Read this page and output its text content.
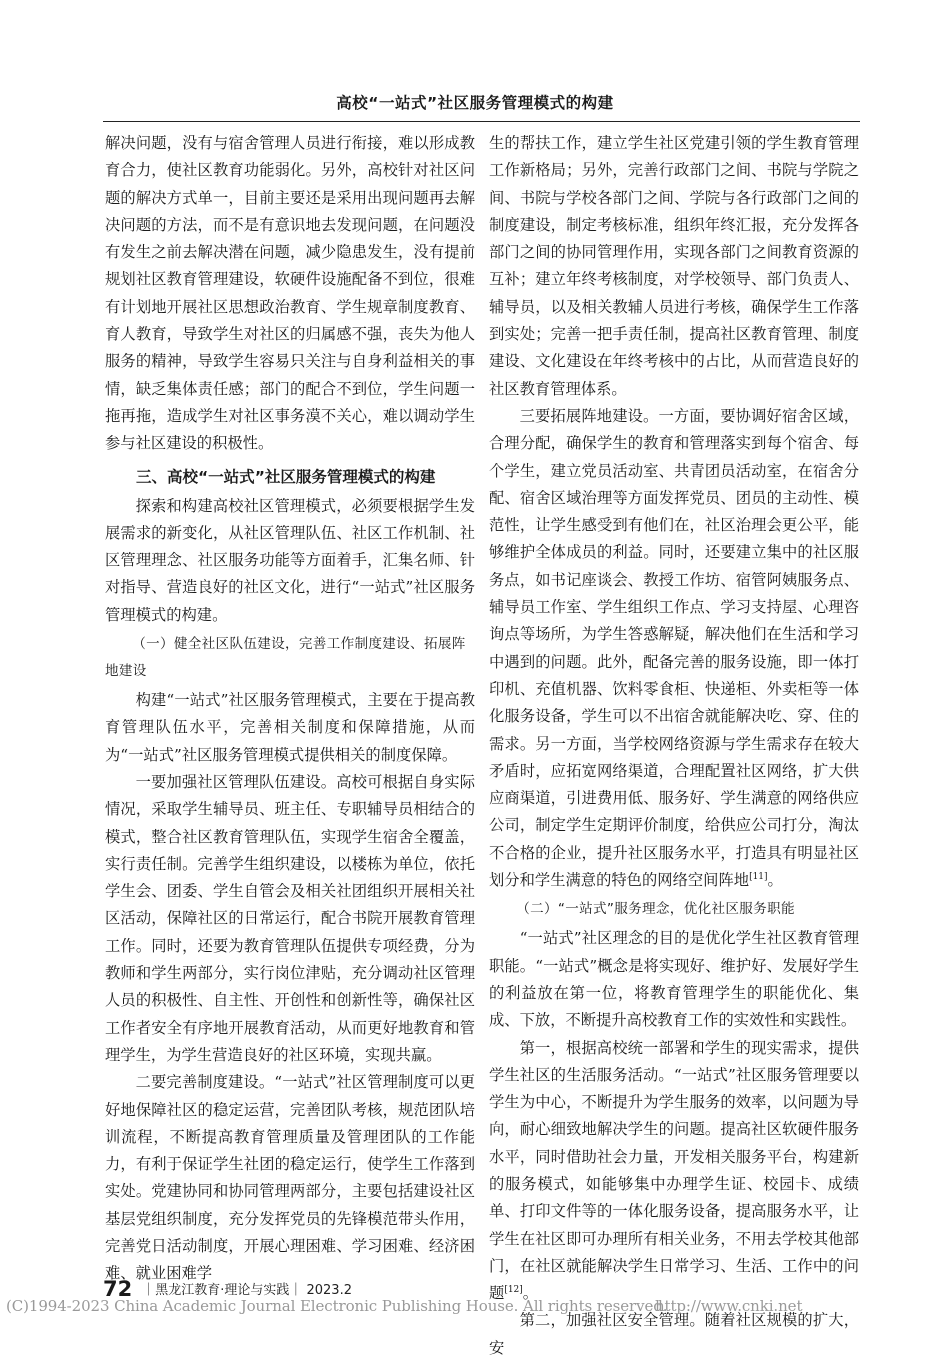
高校“一站式”社区服务管理模式的构建

解决问题，没有与宿舍管理人员进行衔接，难以形成教育合力，使社区教育功能弱化。另外，高校针对社区问题的解决方式单一，目前主要还是采用出现问题再去解决问题的方法，而不是有意识地去发现问题，在问题没有发生之前去解决潜在问题，减少隐患发生，没有提前规划社区教育管理建设，软硬件设施配备不到位，很难有计划地开展社区思想政治教育、学生规章制度教育、育人教育，导致学生对社区的归属感不强，丧失为他人服务的精神，导致学生容易只关注与自身利益相关的事情，缺乏集体责任感；部门的配合不到位，学生问题一拖再拖，造成学生对社区事务漠不关心，难以调动学生参与社区建设的积极性。

三、高校“一站式”社区服务管理模式的构建

探索和构建高校社区管理模式，必须要根据学生发展需求的新变化，从社区管理队伍、社区工作机制、社区管理理念、社区服务功能等方面着手，汇集名师、针对指导、营造良好的社区文化，进行“一站式”社区服务管理模式的构建。

（一）健全社区队伍建设，完善工作制度建设、拓展阵地建设

构建“一站式”社区服务管理模式，主要在于提高教育管理队伍水平，完善相关制度和保障措施，从而为“一站式”社区服务管理模式提供相关的制度保障。

一要加强社区管理队伍建设。高校可根据自身实际情况，采取学生辅导员、班主任、专职辅导员相结合的模式，整合社区教育管理队伍，实现学生宿舍全覆盖，实行责任制。完善学生组织建设，以楼栋为单位，依托学生会、团委、学生自管会及相关社团组织开展相关社区活动，保障社区的日常运行，配合书院开展教育管理工作。同时，还要为教育管理队伍提供专项经费，分为教师和学生两部分，实行岗位津贴，充分调动社区管理人员的积极性、自主性、开创性和创新性等，确保社区工作者安全有序地开展教育活动，从而更好地教育和管理学生，为学生营造良好的社区环境，实现共赢。

二要完善制度建设。“一站式”社区管理制度可以更好地保障社区的稳定运营，完善团队考核，规范团队培训流程，不断提高教育管理质量及管理团队的工作能力，有利于保证学生社团的稳定运行，使学生工作落到实处。党建协同和协同管理两部分，主要包括建设社区基层党组织制度，充分发挥党员的先锋模范带头作用，完善党日活动制度，开展心理困难、学习困难、经济困难、就业困难学

生的帮扶工作，建立学生社区党建引领的学生教育管理工作新格局；另外，完善行政部门之间、书院与学院之间、书院与学校各部门之间、学院与各行政部门之间的制度建设，制定考核标准，组织年终汇报，充分发挥各部门之间的协同管理作用，实现各部门之间教育资源的互补；建立年终考核制度，对学校领导、部门负责人、辅导员，以及相关教辅人员进行考核，确保学生工作落到实处；完善一把手责任制，提高社区教育管理、制度建设、文化建设在年终考核中的占比，从而营造良好的社区教育管理体系。

三要拓展阵地建设。一方面，要协调好宿舍区域，合理分配，确保学生的教育和管理落实到每个宿舍、每个学生，建立党员活动室、共青团员活动室，在宿舍分配、宿舍区域治理等方面发挥党员、团员的主动性、模范性，让学生感受到有他们在，社区治理会更公平，能够维护全体成员的利益。同时，还要建立集中的社区服务点，如书记座谈会、教授工作坊、宿管阿姨服务点、辅导员工作室、学生组织工作点、学习支持屋、心理咨询点等场所，为学生答惑解疑，解决他们在生活和学习中遇到的问题。此外，配备完善的服务设施，即一体打印机、充值机器、饮料零食柜、快递柜、外卖柜等一体化服务设备，学生可以不出宿舍就能解决吃、穿、住的需求。另一方面，当学校网络资源与学生需求存在较大矛盾时，应拓宽网络渠道，合理配置社区网络，扩大供应商渠道，引进费用低、服务好、学生满意的网络供应公司，制定学生定期评价制度，给供应公司打分，淘汰不合格的企业，提升社区服务水平，打造具有明显社区划分和学生满意的特色的网络空间阵地[11]。

（二）“一站式”服务理念，优化社区服务职能

“一站式”社区理念的目的是优化学生社区教育管理职能。“一站式”概念是将实现好、维护好、发展好学生的利益放在第一位，将教育管理学生的职能优化、集成、下放，不断提升高校教育工作的实效性和实践性。

第一，根据高校统一部署和学生的现实需求，提供学生社区的生活服务活动。“一站式”社区服务管理要以学生为中心，不断提升为学生服务的效率，以问题为导向，耐心细致地解决学生的问题。提高社区软硬件服务水平，同时借助社会力量，开发相关服务平台，构建新的服务模式，如能够集中办理学生证、校园卡、成绩单、打印文件等的一体化服务设备，提高服务水平，让学生在社区即可办理所有相关业务，不用去学校其他部门，在社区就能解决学生日常学习、生活、工作中的问题[12]。

第二，加强社区安全管理。随着社区规模的扩大，安

72 ｜黑龙江教育·理论与实践｜ 2023.2
(C)1994-2023 China Academic Journal Electronic Publishing House. All rights reserved.
http://www.cnki.net
